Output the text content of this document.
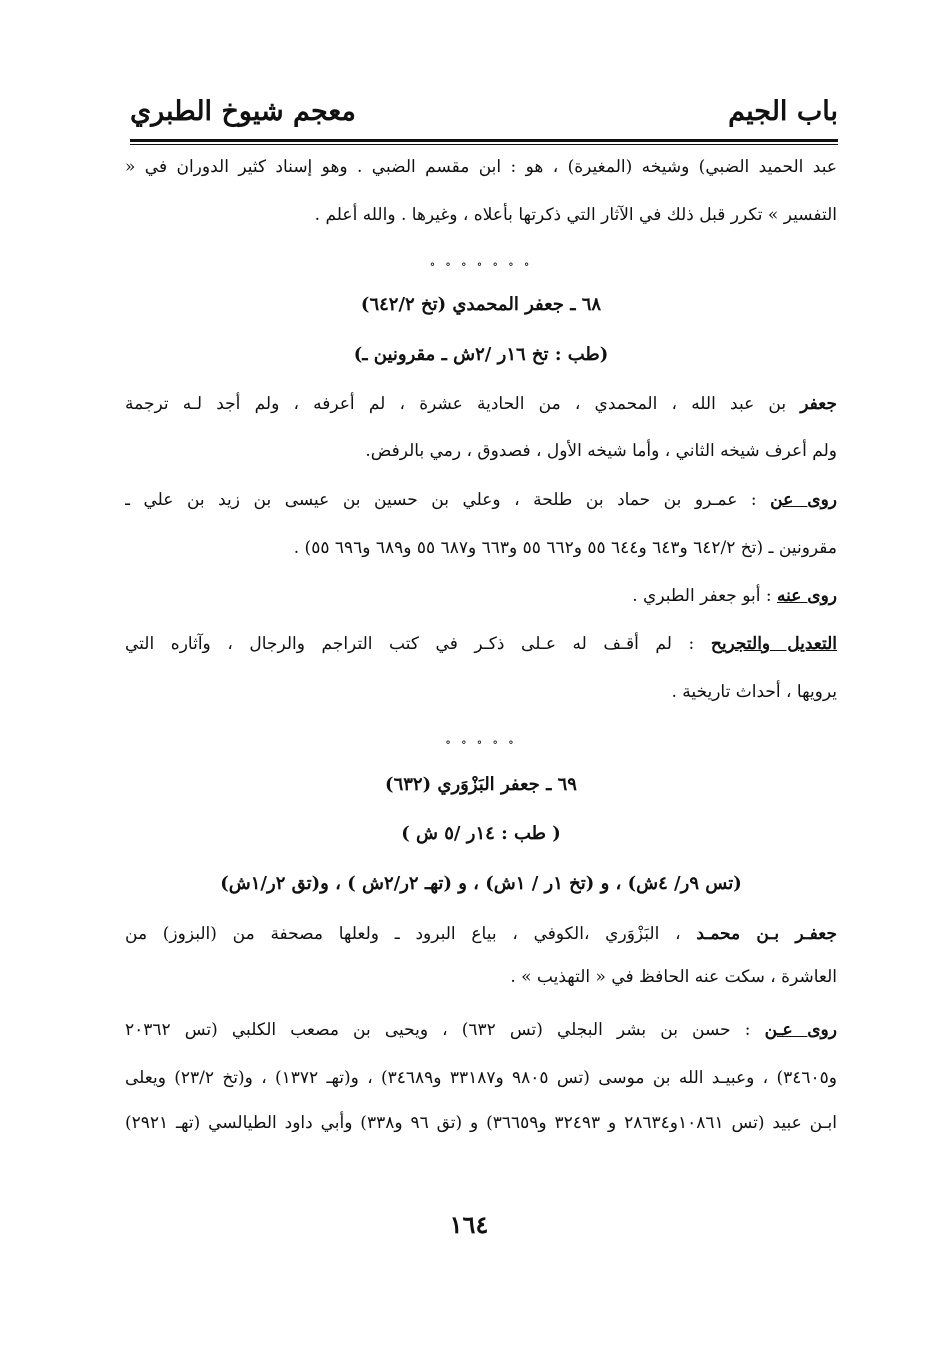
باب الجيم
معجم شيوخ الطبري
عبد الحميد الضبي) وشيخه (المغيرة) ، هو : ابن مقسم الضبي . وهو إسناد كثير الدوران في «
التفسير » تكرر قبل ذلك في الآثار التي ذكرتها بأعلاه ، وغيرها . والله أعلم .
∘ ∘ ∘ ∘ ∘ ∘ ∘
٦٨ ـ جعفر المحمدي (تخ ٦٤٢/٢)
(طب : تخ ١٦ر /٢ش ـ مقرونين ـ)
جعفر بن عبد الله ، المحمدي ، من الحادية عشرة ، لم أعرفه ، ولم أجد لـه ترجمة
ولم أعرف شيخه الثاني ، وأما شيخه الأول ، فصدوق ، رمي بالرفض.
روى عن : عمـرو بن حماد بن طلحة ، وعلي بن حسين بن عيسى بن زيد بن علي ـ
مقرونين ـ (تخ ٦٤٢/٢ و٦٤٣ و٦٤٤ ٥٥ و٦٦٢ ٥٥ و٦٦٣ و٦٨٧ ٥٥ و٦٨٩ و٦٩٦ ٥٥) .
روى عنه : أبو جعفر الطبري .
التعديل والتجريح : لم أقـف له عـلى ذكـر في كتب التراجم والرجال ، وآثاره التي
يرويها ، أحداث تاريخية .
∘ ∘ ∘ ∘ ∘
٦٩ ـ جعفر البَزْوَري (٦٣٢)
( طب : ١٤ر /٥ ش )
(تس ٩ر/ ٤ش) ، و (تخ ١ر / ١ش) ، و (تهـ ٢ر/٢ش ) ، و(تق ٢ر/١ش)
جعفـر بـن محمـد ، البَزْوَري ،الكوفي ، بياع البرود ـ ولعلها مصحفة من (البزوز) من
العاشرة ، سكت عنه الحافظ في « التهذيب » .
روى عـن : حسن بن بشر البجلي (تس ٦٣٢) ، ويحيى بن مصعب الكلبي (تس ٢٠٣٦٢
و٣٤٦٠٥) ، وعبيـد الله بن موسى (تس ٩٨٠٥ و٣٣١٨٧ و٣٤٦٨٩) ، و(تهـ ١٣٧٢) ، و(تخ ٢٣/٢) ويعلى
ابـن عبيد (تس ١٠٨٦١و٢٨٦٣٤ و ٣٢٤٩٣ و٣٦٦٥٩) و (تق ٩٦ و٣٣٨) وأبي داود الطيالسي (تهـ ٢٩٢١)
١٦٤
